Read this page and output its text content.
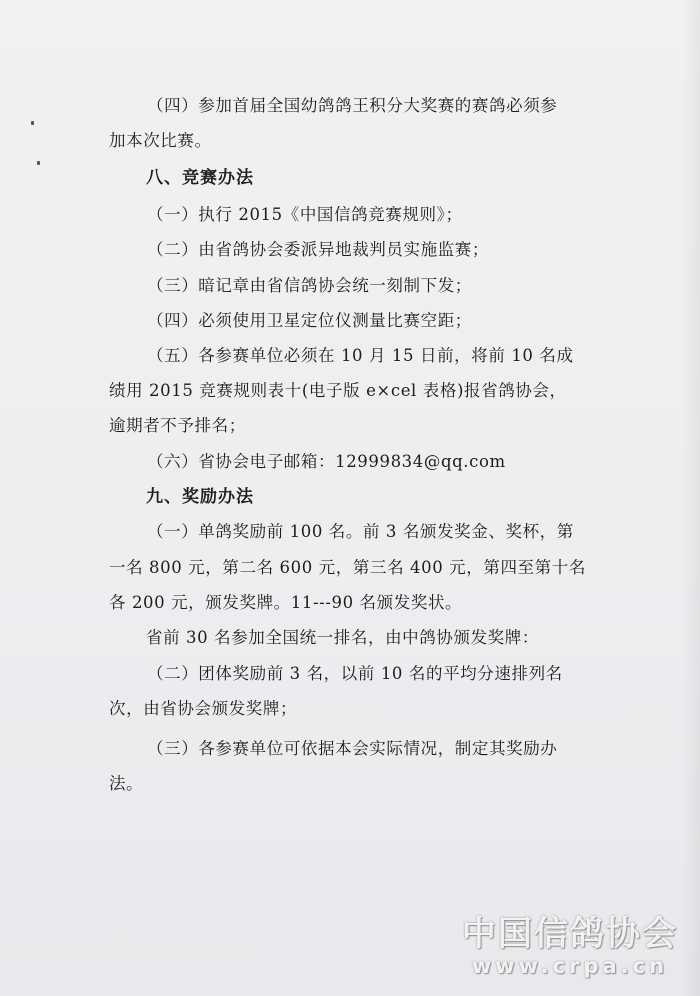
（四）参加首届全国幼鸽鸽王积分大奖赛的赛鸽必须参
加本次比赛。
八、竞赛办法
（一）执行 2015《中国信鸽竞赛规则》；
（二）由省鸽协会委派异地裁判员实施监赛；
（三）暗记章由省信鸽协会统一刻制下发；
（四）必须使用卫星定位仪测量比赛空距；
（五）各参赛单位必须在 10 月 15 日前，将前 10 名成
绩用 2015 竞赛规则表十(电子版 e×cel 表格)报省鸽协会，
逾期者不予排名；
（六）省协会电子邮箱：12999834@qq.com
九、奖励办法
（一）单鸽奖励前 100 名。前 3 名颁发奖金、奖杯，第
一名 800 元，第二名 600 元，第三名 400 元，第四至第十名
各 200 元，颁发奖牌。11---90 名颁发奖状。
省前 30 名参加全国统一排名，由中鸽协颁发奖牌：
（二）团体奖励前 3 名，以前 10 名的平均分速排列名
次，由省协会颁发奖牌；
（三）各参赛单位可依据本会实际情况，制定其奖励办
法。
中国信鸽协会
www.crpa.cn
